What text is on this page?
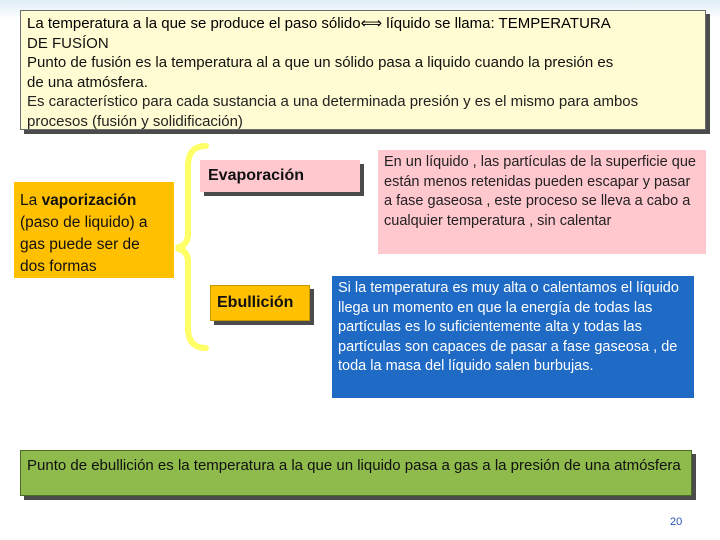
La temperatura a la que se produce el paso sólido⟺ líquido se llama: TEMPERATURA

DE FUSÍON

Punto de fusión es la temperatura al a que un sólido pasa a liquido cuando la presión es

de una atmósfera.

Es característico para cada sustancia a una determinada presión y es el mismo para ambos

procesos (fusión y solidificación)

La vaporización (paso de liquido) a gas puede ser de dos formas
Evaporación
En un líquido , las partículas de la superficie que están menos retenidas pueden escapar y pasar a fase gaseosa , este proceso se lleva a cabo a cualquier temperatura , sin calentar
Ebullición
Si la temperatura es muy alta o calentamos el líquido llega un momento en que la energía de todas las partículas es lo suficientemente alta y todas las partículas son capaces de pasar a fase gaseosa , de toda la masa del líquido salen burbujas.
Punto de ebullición es la temperatura a la que un liquido pasa a gas a la presión de una atmósfera
20
